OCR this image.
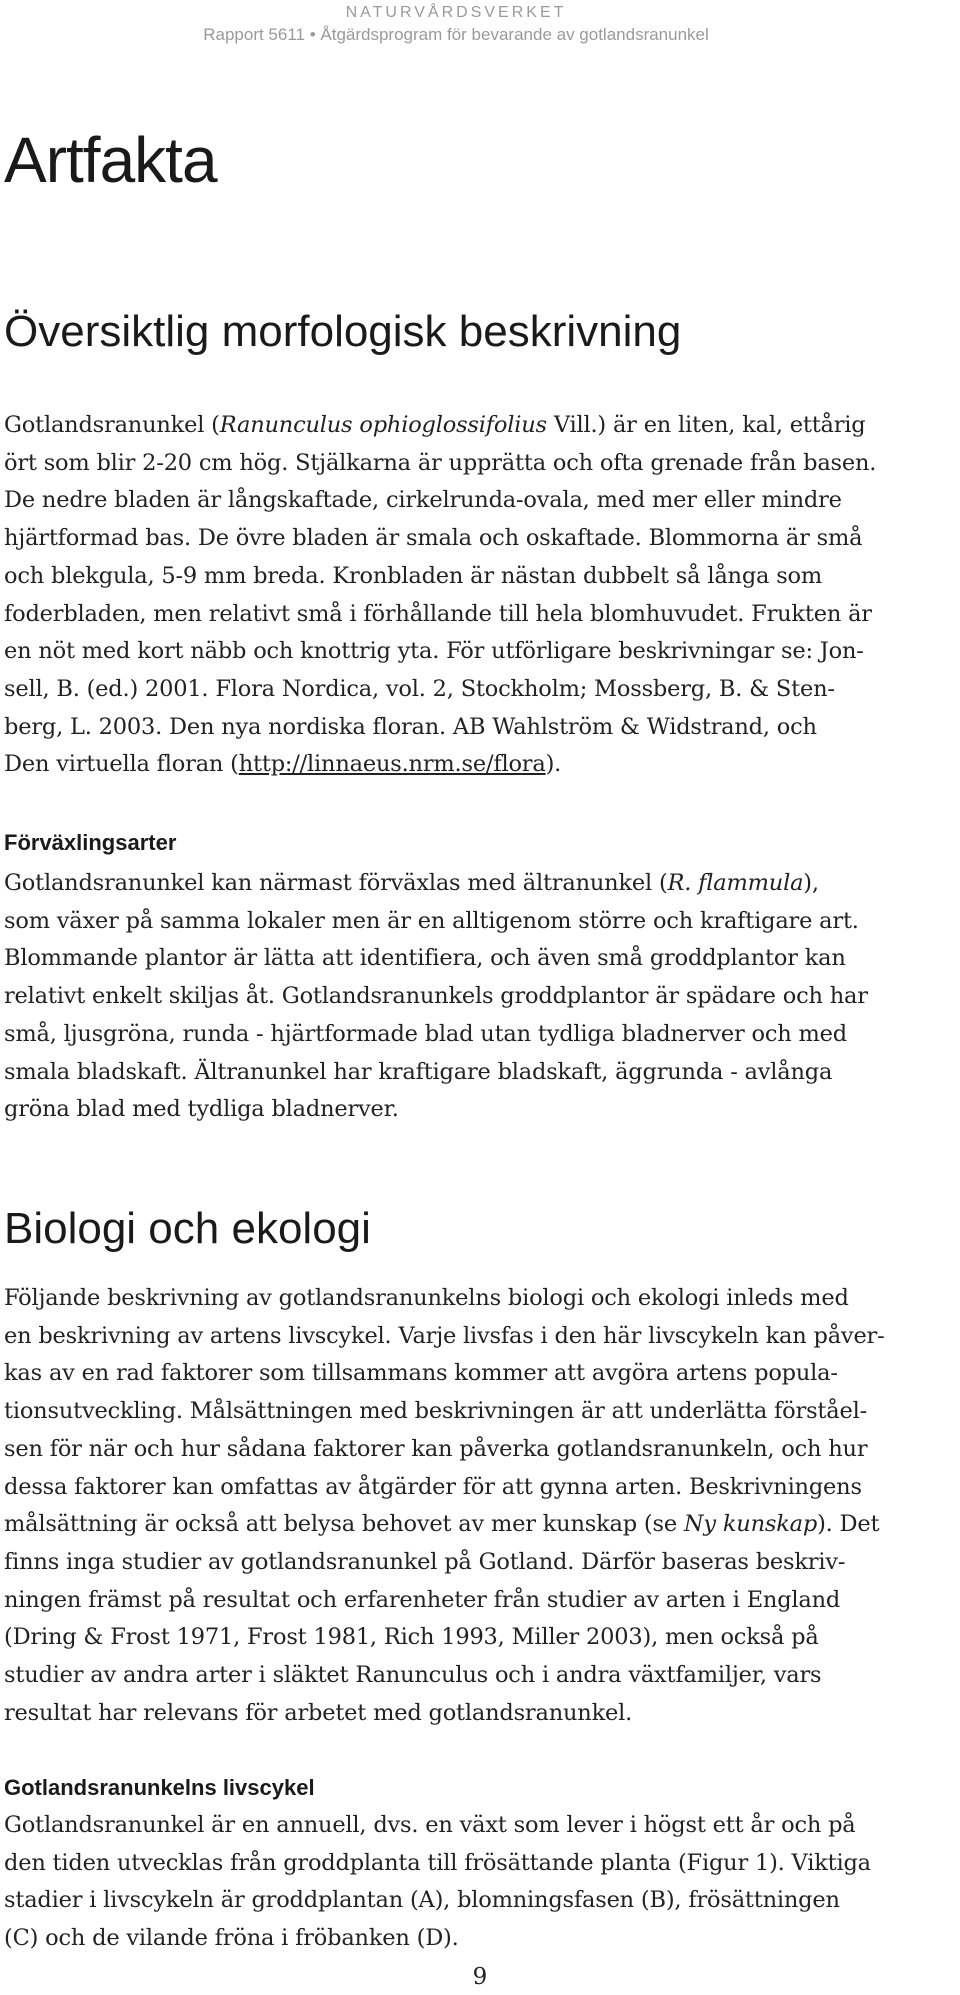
NATURVÅRDSVERKET
Rapport 5611 • Åtgärdsprogram för bevarande av gotlandsranunkel
Artfakta
Översiktlig morfologisk beskrivning
Gotlandsranunkel (Ranunculus ophioglossifolius Vill.) är en liten, kal, ettårig
ört som blir 2-20 cm hög. Stjälkarna är upprätta och ofta grenade från basen.
De nedre bladen är långskaftade, cirkelrunda-ovala, med mer eller mindre
hjärtformad bas. De övre bladen är smala och oskaftade. Blommorna är små
och blekgula, 5-9 mm breda. Kronbladen är nästan dubbelt så långa som
foderbladen, men relativt små i förhållande till hela blomhuvudet. Frukten är
en nöt med kort näbb och knottrig yta. För utförligare beskrivningar se: Jon-
sell, B. (ed.) 2001. Flora Nordica, vol. 2, Stockholm; Mossberg, B. & Sten-
berg, L. 2003. Den nya nordiska floran. AB Wahlström & Widstrand, och
Den virtuella floran (http://linnaeus.nrm.se/flora).
Förväxlingsarter
Gotlandsranunkel kan närmast förväxlas med ältranunkel (R. flammula),
som växer på samma lokaler men är en alltigenom större och kraftigare art.
Blommande plantor är lätta att identifiera, och även små groddplantor kan
relativt enkelt skiljas åt. Gotlandsranunkels groddplantor är spädare och har
små, ljusgröna, runda - hjärtformade blad utan tydliga bladnerver och med
smala bladskaft. Ältranunkel har kraftigare bladskaft, äggrunda - avlånga
gröna blad med tydliga bladnerver.
Biologi och ekologi
Följande beskrivning av gotlandsranunkelns biologi och ekologi inleds med
en beskrivning av artens livscykel. Varje livsfas i den här livscykeln kan påver-
kas av en rad faktorer som tillsammans kommer att avgöra artens popula-
tionsutveckling. Målsättningen med beskrivningen är att underlätta förståel-
sen för när och hur sådana faktorer kan påverka gotlandsranunkeln, och hur
dessa faktorer kan omfattas av åtgärder för att gynna arten. Beskrivningens
målsättning är också att belysa behovet av mer kunskap (se Ny kunskap). Det
finns inga studier av gotlandsranunkel på Gotland. Därför baseras beskriv-
ningen främst på resultat och erfarenheter från studier av arten i England
(Dring & Frost 1971, Frost 1981, Rich 1993, Miller 2003), men också på
studier av andra arter i släktet Ranunculus och i andra växtfamiljer, vars
resultat har relevans för arbetet med gotlandsranunkel.
Gotlandsranunkelns livscykel
Gotlandsranunkel är en annuell, dvs. en växt som lever i högst ett år och på
den tiden utvecklas från groddplanta till frösättande planta (Figur 1). Viktiga
stadier i livscykeln är groddplantan (A), blomningsfasen (B), frösättningen
(C) och de vilande fröna i fröbanken (D).
9
